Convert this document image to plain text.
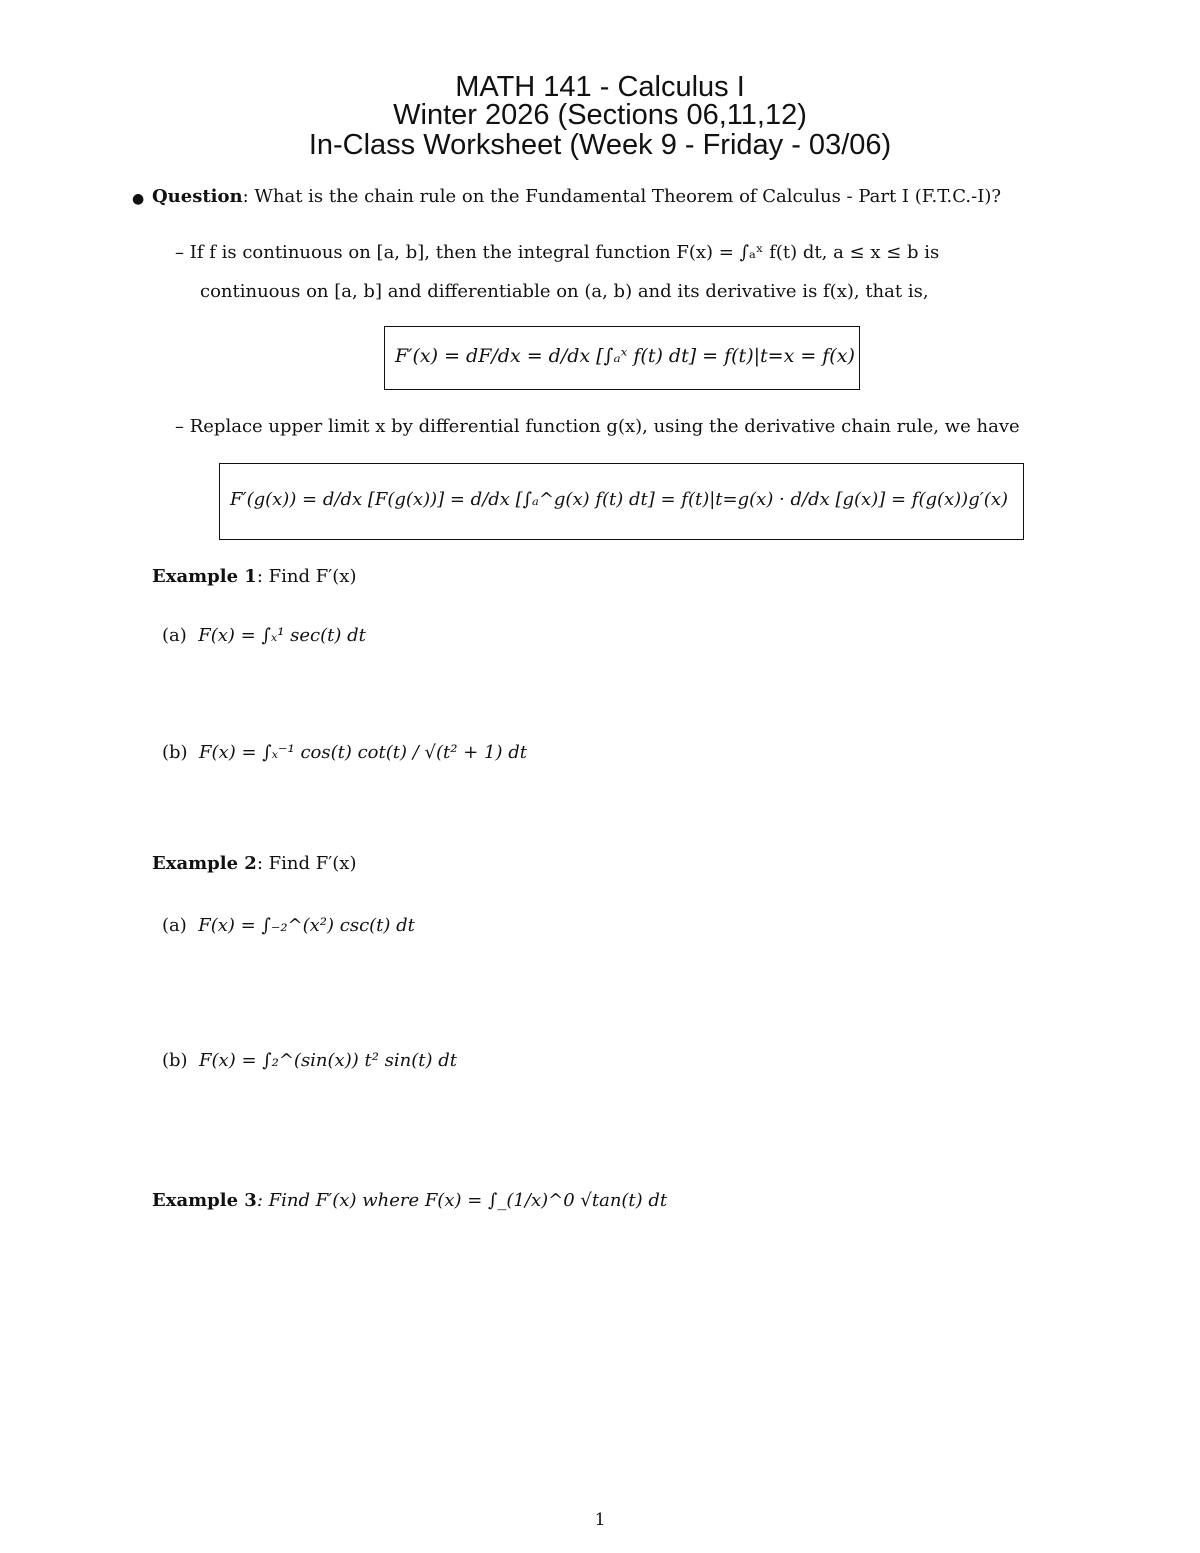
MATH 141 - Calculus I
Winter 2026 (Sections 06,11,12)
In-Class Worksheet (Week 9 - Friday - 03/06)
● Question: What is the chain rule on the Fundamental Theorem of Calculus - Part I (F.T.C.-I)?
– If f is continuous on [a, b], then the integral function F(x) = ∫ₐˣ f(t) dt, a ≤ x ≤ b is
continuous on [a, b] and differentiable on (a, b) and its derivative is f(x), that is,
F′(x) = dF/dx = d/dx [∫ₐˣ f(t) dt] = f(t)|t=x = f(x)
– Replace upper limit x by differential function g(x), using the derivative chain rule, we have
F′(g(x)) = d/dx [F(g(x))] = d/dx [∫ₐ^g(x) f(t) dt] = f(t)|t=g(x) · d/dx [g(x)] = f(g(x))g′(x)
Example 1: Find F′(x)
(a) F(x) = ∫ₓ¹ sec(t) dt
(b) F(x) = ∫ₓ⁻¹ cos(t) cot(t) / √(t² + 1) dt
Example 2: Find F′(x)
(a) F(x) = ∫₋₂^(x²) csc(t) dt
(b) F(x) = ∫₂^(sin(x)) t² sin(t) dt
Example 3: Find F′(x) where F(x) = ∫_(1/x)^0 √tan(t) dt
1
